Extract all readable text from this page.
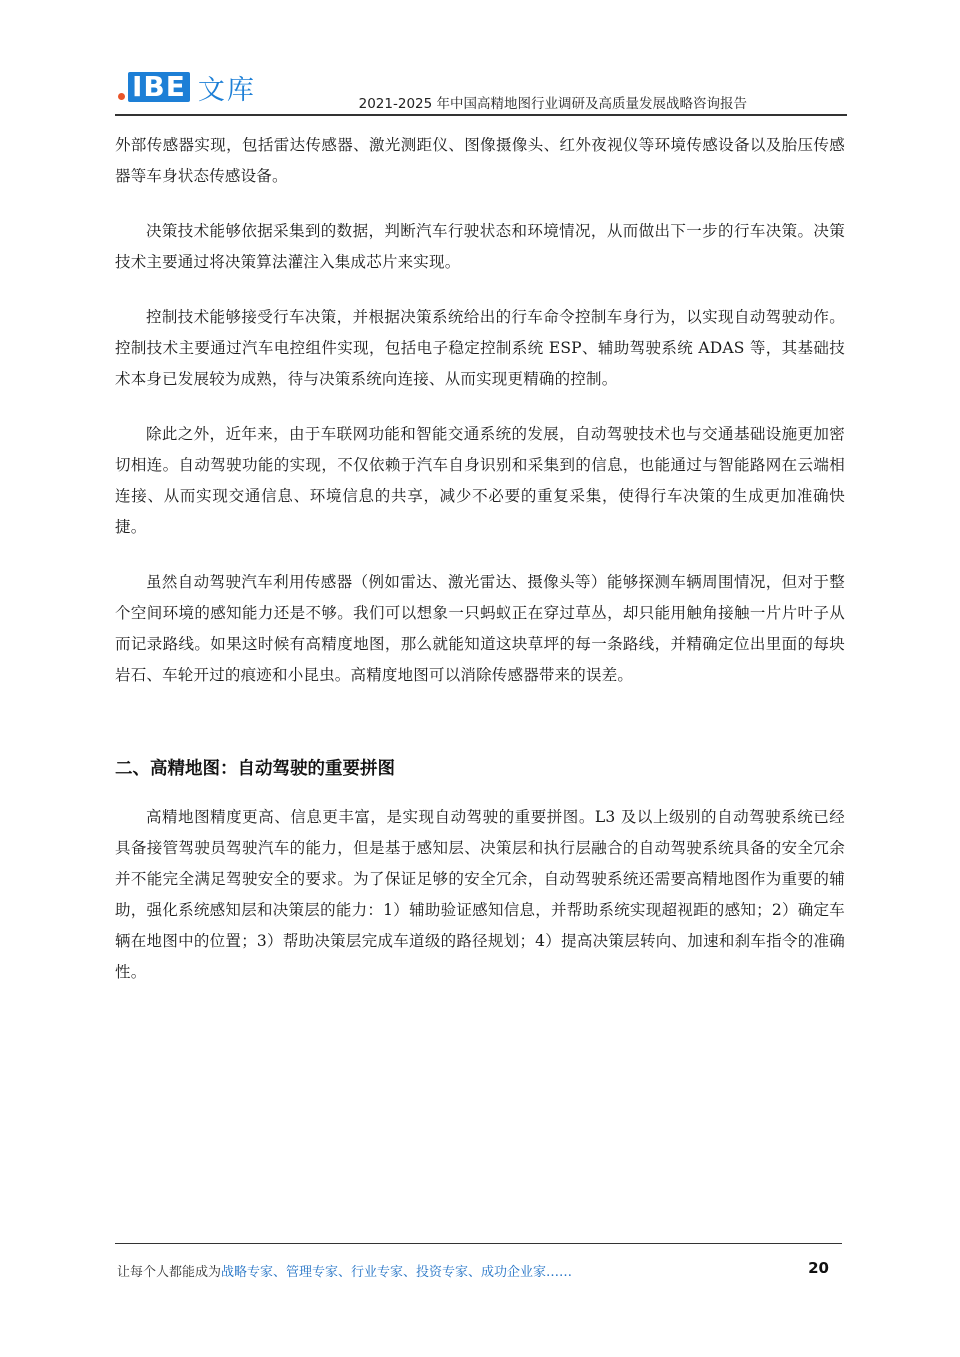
IBE 文库	2021-2025 年中国高精地图行业调研及高质量发展战略咨询报告

外部传感器实现，包括雷达传感器、激光测距仪、图像摄像头、红外夜视仪等环境传感设备以及胎压传感器等车身状态传感设备。

决策技术能够依据采集到的数据，判断汽车行驶状态和环境情况，从而做出下一步的行车决策。决策技术主要通过将决策算法灌注入集成芯片来实现。

控制技术能够接受行车决策，并根据决策系统给出的行车命令控制车身行为，以实现自动驾驶动作。控制技术主要通过汽车电控组件实现，包括电子稳定控制系统 ESP、辅助驾驶系统 ADAS 等，其基础技术本身已发展较为成熟，待与决策系统向连接、从而实现更精确的控制。

除此之外，近年来，由于车联网功能和智能交通系统的发展，自动驾驶技术也与交通基础设施更加密切相连。自动驾驶功能的实现，不仅依赖于汽车自身识别和采集到的信息，也能通过与智能路网在云端相连接、从而实现交通信息、环境信息的共享，减少不必要的重复采集，使得行车决策的生成更加准确快捷。

虽然自动驾驶汽车利用传感器（例如雷达、激光雷达、摄像头等）能够探测车辆周围情况，但对于整个空间环境的感知能力还是不够。我们可以想象一只蚂蚁正在穿过草丛，却只能用触角接触一片片叶子从而记录路线。如果这时候有高精度地图，那么就能知道这块草坪的每一条路线，并精确定位出里面的每块岩石、车轮开过的痕迹和小昆虫。高精度地图可以消除传感器带来的误差。

二、高精地图：自动驾驶的重要拼图

高精地图精度更高、信息更丰富，是实现自动驾驶的重要拼图。L3 及以上级别的自动驾驶系统已经具备接管驾驶员驾驶汽车的能力，但是基于感知层、决策层和执行层融合的自动驾驶系统具备的安全冗余并不能完全满足驾驶安全的要求。为了保证足够的安全冗余，自动驾驶系统还需要高精地图作为重要的辅助，强化系统感知层和决策层的能力：1）辅助验证感知信息，并帮助系统实现超视距的感知；2）确定车辆在地图中的位置；3）帮助决策层完成车道级的路径规划；4）提高决策层转向、加速和刹车指令的准确性。

让每个人都能成为战略专家、管理专家、行业专家、投资专家、成功企业家……	20
